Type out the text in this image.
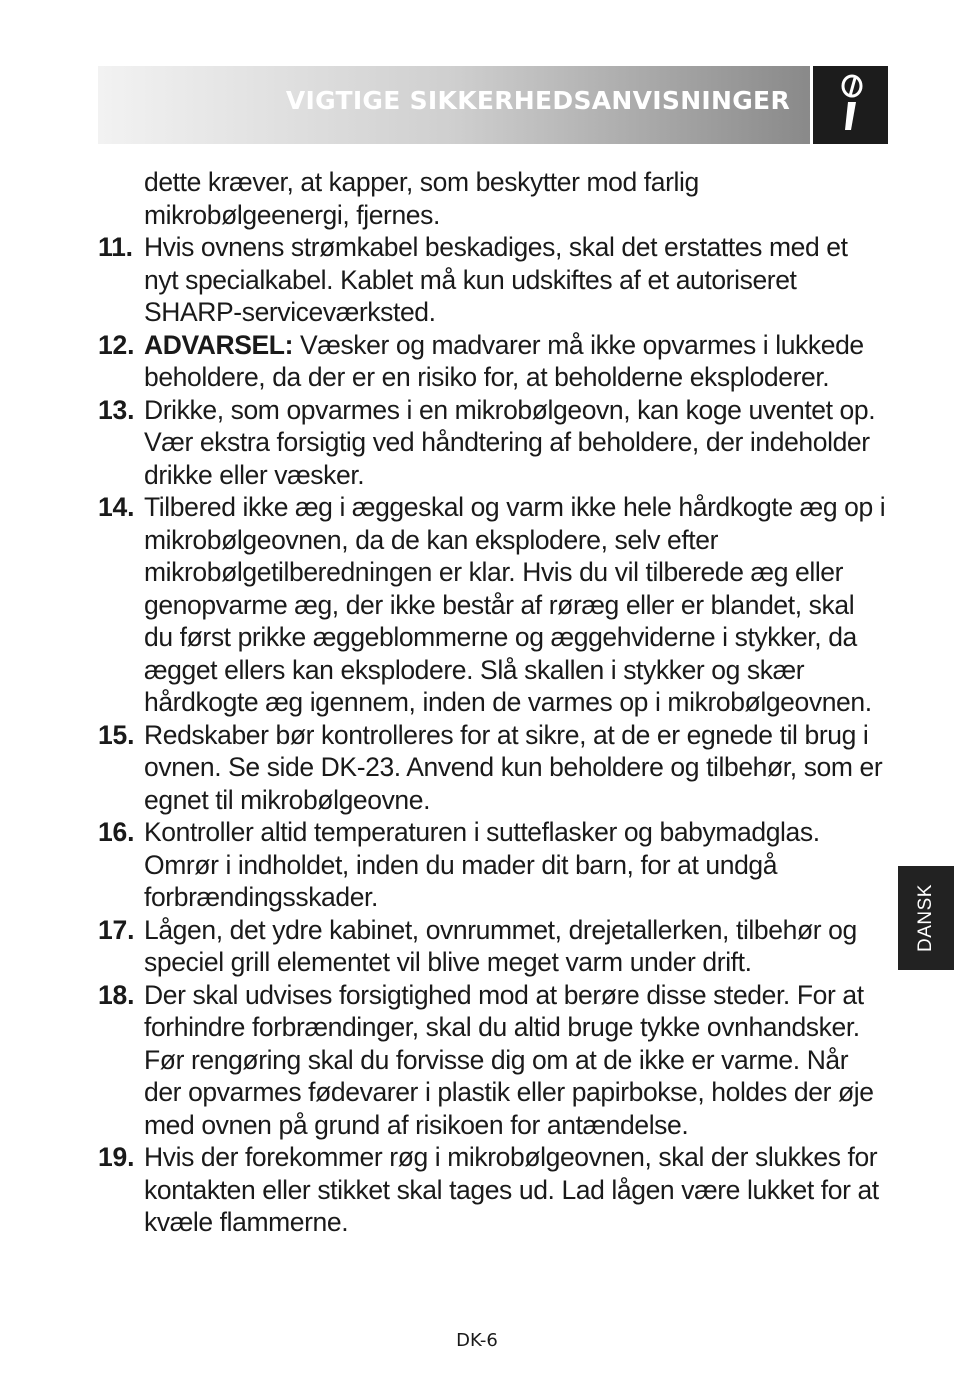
VIGTIGE SIKKERHEDSANVISNINGER
dette kræver, at kapper, som beskytter mod farlig mikrobølgeenergi, fjernes.
11. Hvis ovnens strømkabel beskadiges, skal det erstattes med et nyt specialkabel. Kablet må kun udskiftes af et autoriseret SHARP-serviceværksted.
12. ADVARSEL: Væsker og madvarer må ikke opvarmes i lukkede beholdere, da der er en risiko for, at beholderne eksploderer.
13. Drikke, som opvarmes i en mikrobølgeovn, kan koge uventet op. Vær ekstra forsigtig ved håndtering af beholdere, der indeholder drikke eller væsker.
14. Tilbered ikke æg i æggeskal og varm ikke hele hårdkogte æg op i mikrobølgeovnen, da de kan eksplodere, selv efter mikrobølgetilberedningen er klar. Hvis du vil tilberede æg eller genopvarme æg, der ikke består af røræg eller er blandet, skal du først prikke æggeblommerne og æggehviderne i stykker, da ægget ellers kan eksplodere. Slå skallen i stykker og skær hårdkogte æg igennem, inden de varmes op i mikrobølgeovnen.
15. Redskaber bør kontrolleres for at sikre, at de er egnede til brug i ovnen. Se side DK-23. Anvend kun beholdere og tilbehør, som er egnet til mikrobølgeovne.
16. Kontroller altid temperaturen i sutteflasker og babymadglas. Omrør i indholdet, inden du mader dit barn, for at undgå forbrændingsskader.
17. Lågen, det ydre kabinet, ovnrummet, drejetallerken, tilbehør og speciel grill elementet vil blive meget varm under drift.
18. Der skal udvises forsigtighed mod at berøre disse steder. For at forhindre forbrændinger, skal du altid bruge tykke ovnhandsker. Før rengøring skal du forvisse dig om at de ikke er varme. Når der opvarmes fødevarer i plastik eller papirbokse, holdes der øje med ovnen på grund af risikoen for antændelse.
19. Hvis der forekommer røg i mikrobølgeovnen, skal der slukkes for kontakten eller stikket skal tages ud. Lad lågen være lukket for at kvæle flammerne.
DANSK
DK-6
